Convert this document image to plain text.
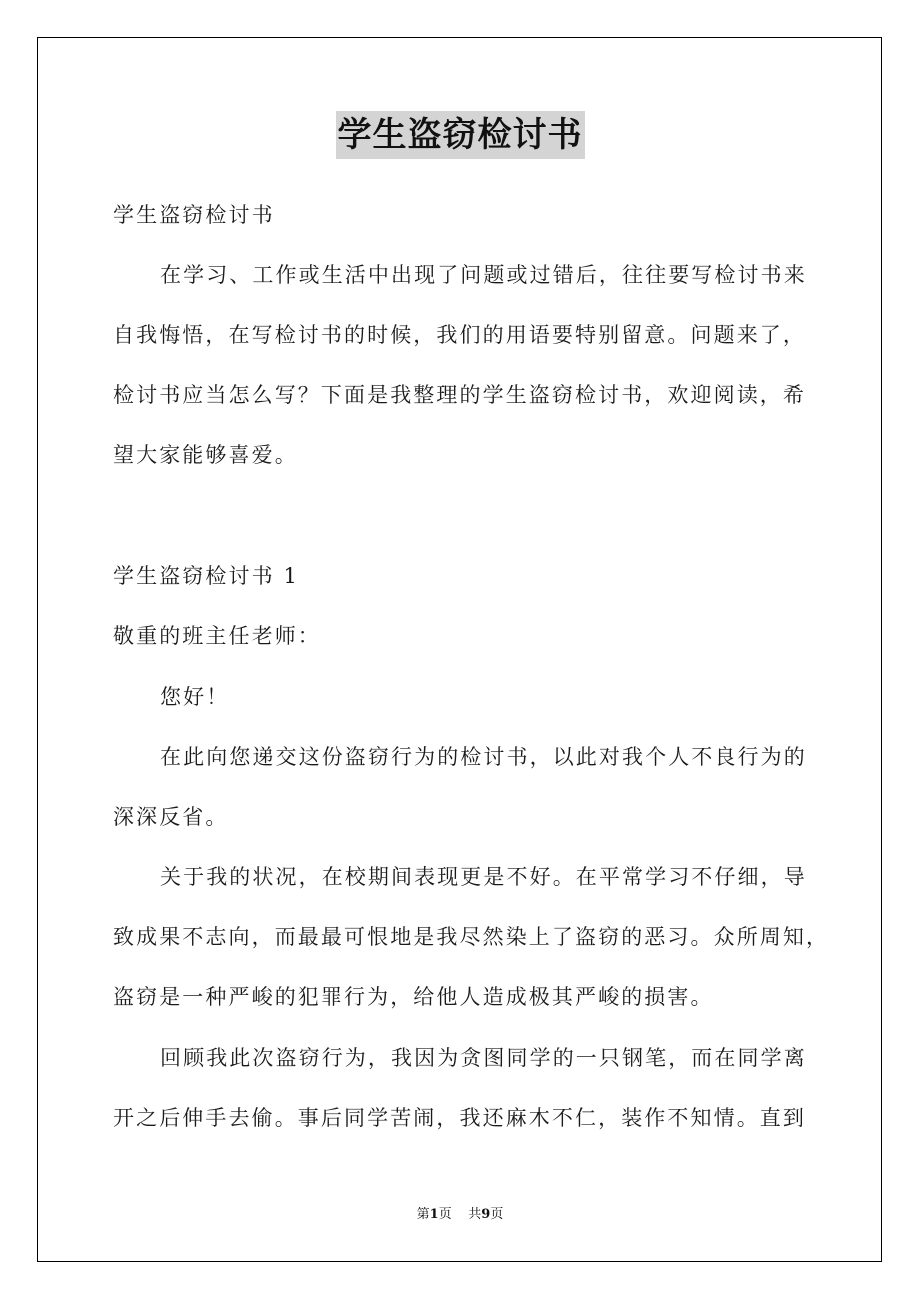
学生盗窃检讨书
学生盗窃检讨书
在学习、工作或生活中出现了问题或过错后，往往要写检讨书来
自我悔悟，在写检讨书的时候，我们的用语要特别留意。问题来了，
检讨书应当怎么写？下面是我整理的学生盗窃检讨书，欢迎阅读，希
望大家能够喜爱。
学生盗窃检讨书 1
敬重的班主任老师：
您好！
在此向您递交这份盗窃行为的检讨书，以此对我个人不良行为的
深深反省。
关于我的状况，在校期间表现更是不好。在平常学习不仔细，导
致成果不志向，而最最可恨地是我尽然染上了盗窃的恶习。众所周知，
盗窃是一种严峻的犯罪行为，给他人造成极其严峻的损害。
回顾我此次盗窃行为，我因为贪图同学的一只钢笔，而在同学离
开之后伸手去偷。事后同学苦闹，我还麻木不仁，装作不知情。直到
第1页 共9页
